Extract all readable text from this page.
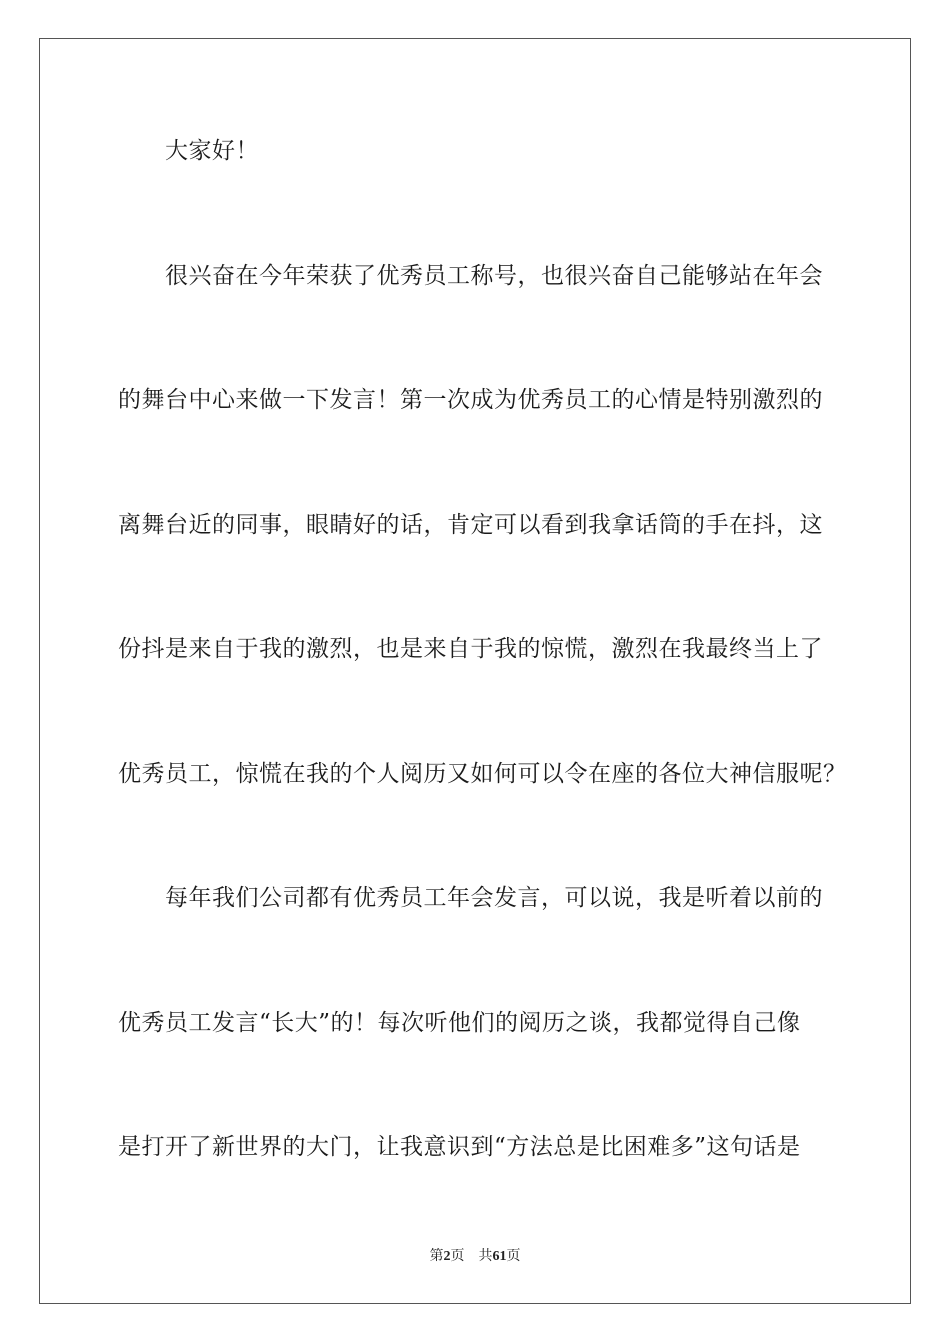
大家好！
很兴奋在今年荣获了优秀员工称号，也很兴奋自己能够站在年会
的舞台中心来做一下发言！第一次成为优秀员工的心情是特别激烈的
离舞台近的同事，眼睛好的话，肯定可以看到我拿话筒的手在抖，这
份抖是来自于我的激烈，也是来自于我的惊慌，激烈在我最终当上了
优秀员工，惊慌在我的个人阅历又如何可以令在座的各位大神信服呢？
每年我们公司都有优秀员工年会发言，可以说，我是听着以前的
优秀员工发言“长大”的！每次听他们的阅历之谈，我都觉得自己像
是打开了新世界的大门，让我意识到“方法总是比困难多”这句话是
第2页 共61页
